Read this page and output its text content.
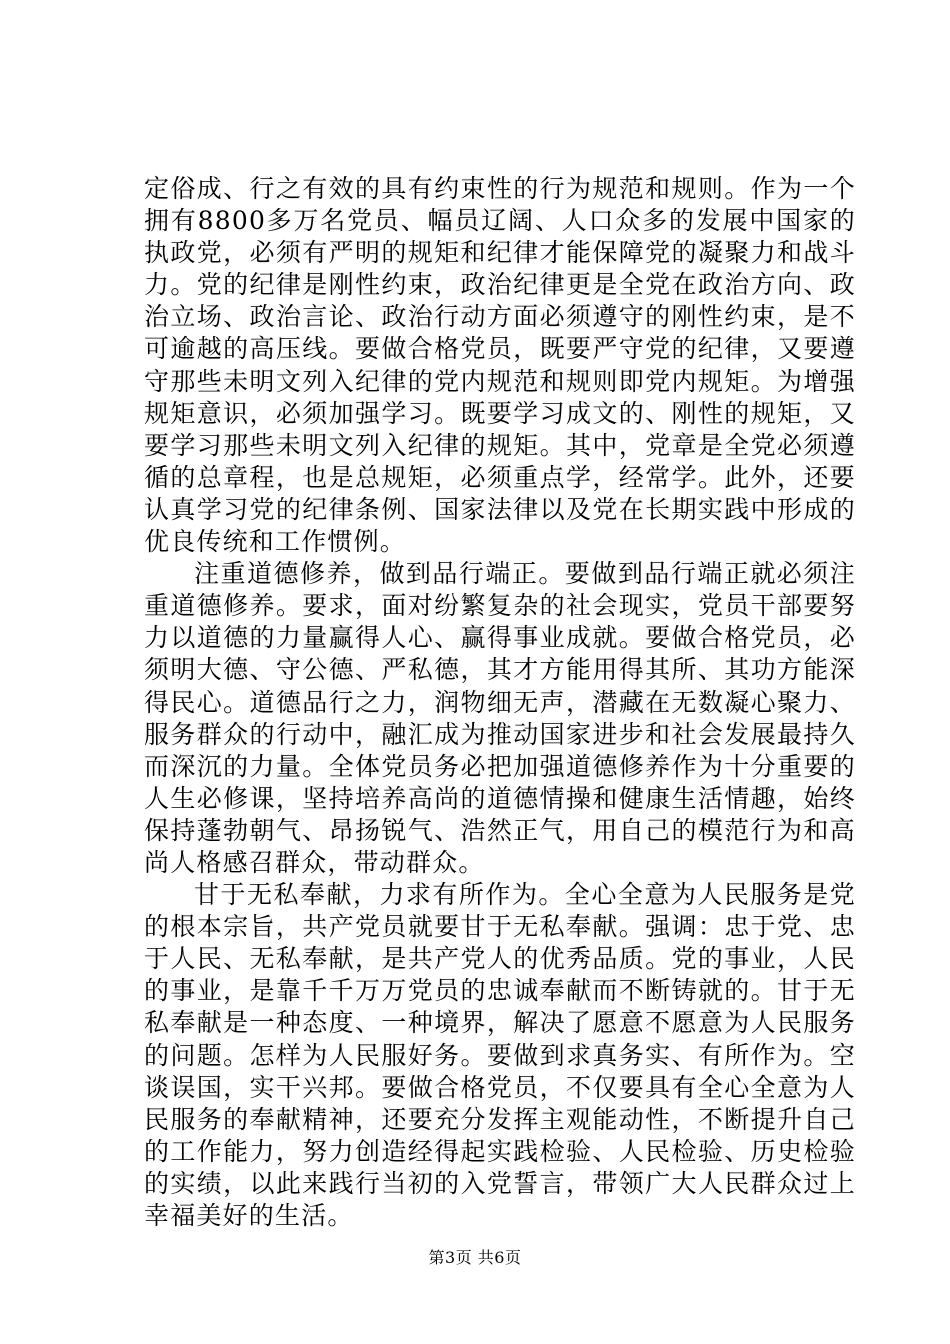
定俗成、行之有效的具有约束性的行为规范和规则。作为一个拥有8800多万名党员、幅员辽阔、人口众多的发展中国家的执政党，必须有严明的规矩和纪律才能保障党的凝聚力和战斗力。党的纪律是刚性约束，政治纪律更是全党在政治方向、政治立场、政治言论、政治行动方面必须遵守的刚性约束，是不可逾越的高压线。要做合格党员，既要严守党的纪律，又要遵守那些未明文列入纪律的党内规范和规则即党内规矩。为增强规矩意识，必须加强学习。既要学习成文的、刚性的规矩，又要学习那些未明文列入纪律的规矩。其中，党章是全党必须遵循的总章程，也是总规矩，必须重点学，经常学。此外，还要认真学习党的纪律条例、国家法律以及党在长期实践中形成的优良传统和工作惯例。

注重道德修养，做到品行端正。要做到品行端正就必须注重道德修养。要求，面对纷繁复杂的社会现实，党员干部要努力以道德的力量赢得人心、赢得事业成就。要做合格党员，必须明大德、守公德、严私德，其才方能用得其所、其功方能深得民心。道德品行之力，润物细无声，潜藏在无数凝心聚力、服务群众的行动中，融汇成为推动国家进步和社会发展最持久而深沉的力量。全体党员务必把加强道德修养作为十分重要的人生必修课，坚持培养高尚的道德情操和健康生活情趣，始终保持蓬勃朝气、昂扬锐气、浩然正气，用自己的模范行为和高尚人格感召群众，带动群众。

甘于无私奉献，力求有所作为。全心全意为人民服务是党的根本宗旨，共产党员就要甘于无私奉献。强调：忠于党、忠于人民、无私奉献，是共产党人的优秀品质。党的事业，人民的事业，是靠千千万万党员的忠诚奉献而不断铸就的。甘于无私奉献是一种态度、一种境界，解决了愿意不愿意为人民服务的问题。怎样为人民服好务。要做到求真务实、有所作为。空谈误国，实干兴邦。要做合格党员，不仅要具有全心全意为人民服务的奉献精神，还要充分发挥主观能动性，不断提升自己的工作能力，努力创造经得起实践检验、人民检验、历史检验的实绩，以此来践行当初的入党誓言，带领广大人民群众过上幸福美好的生活。

第3页 共6页
